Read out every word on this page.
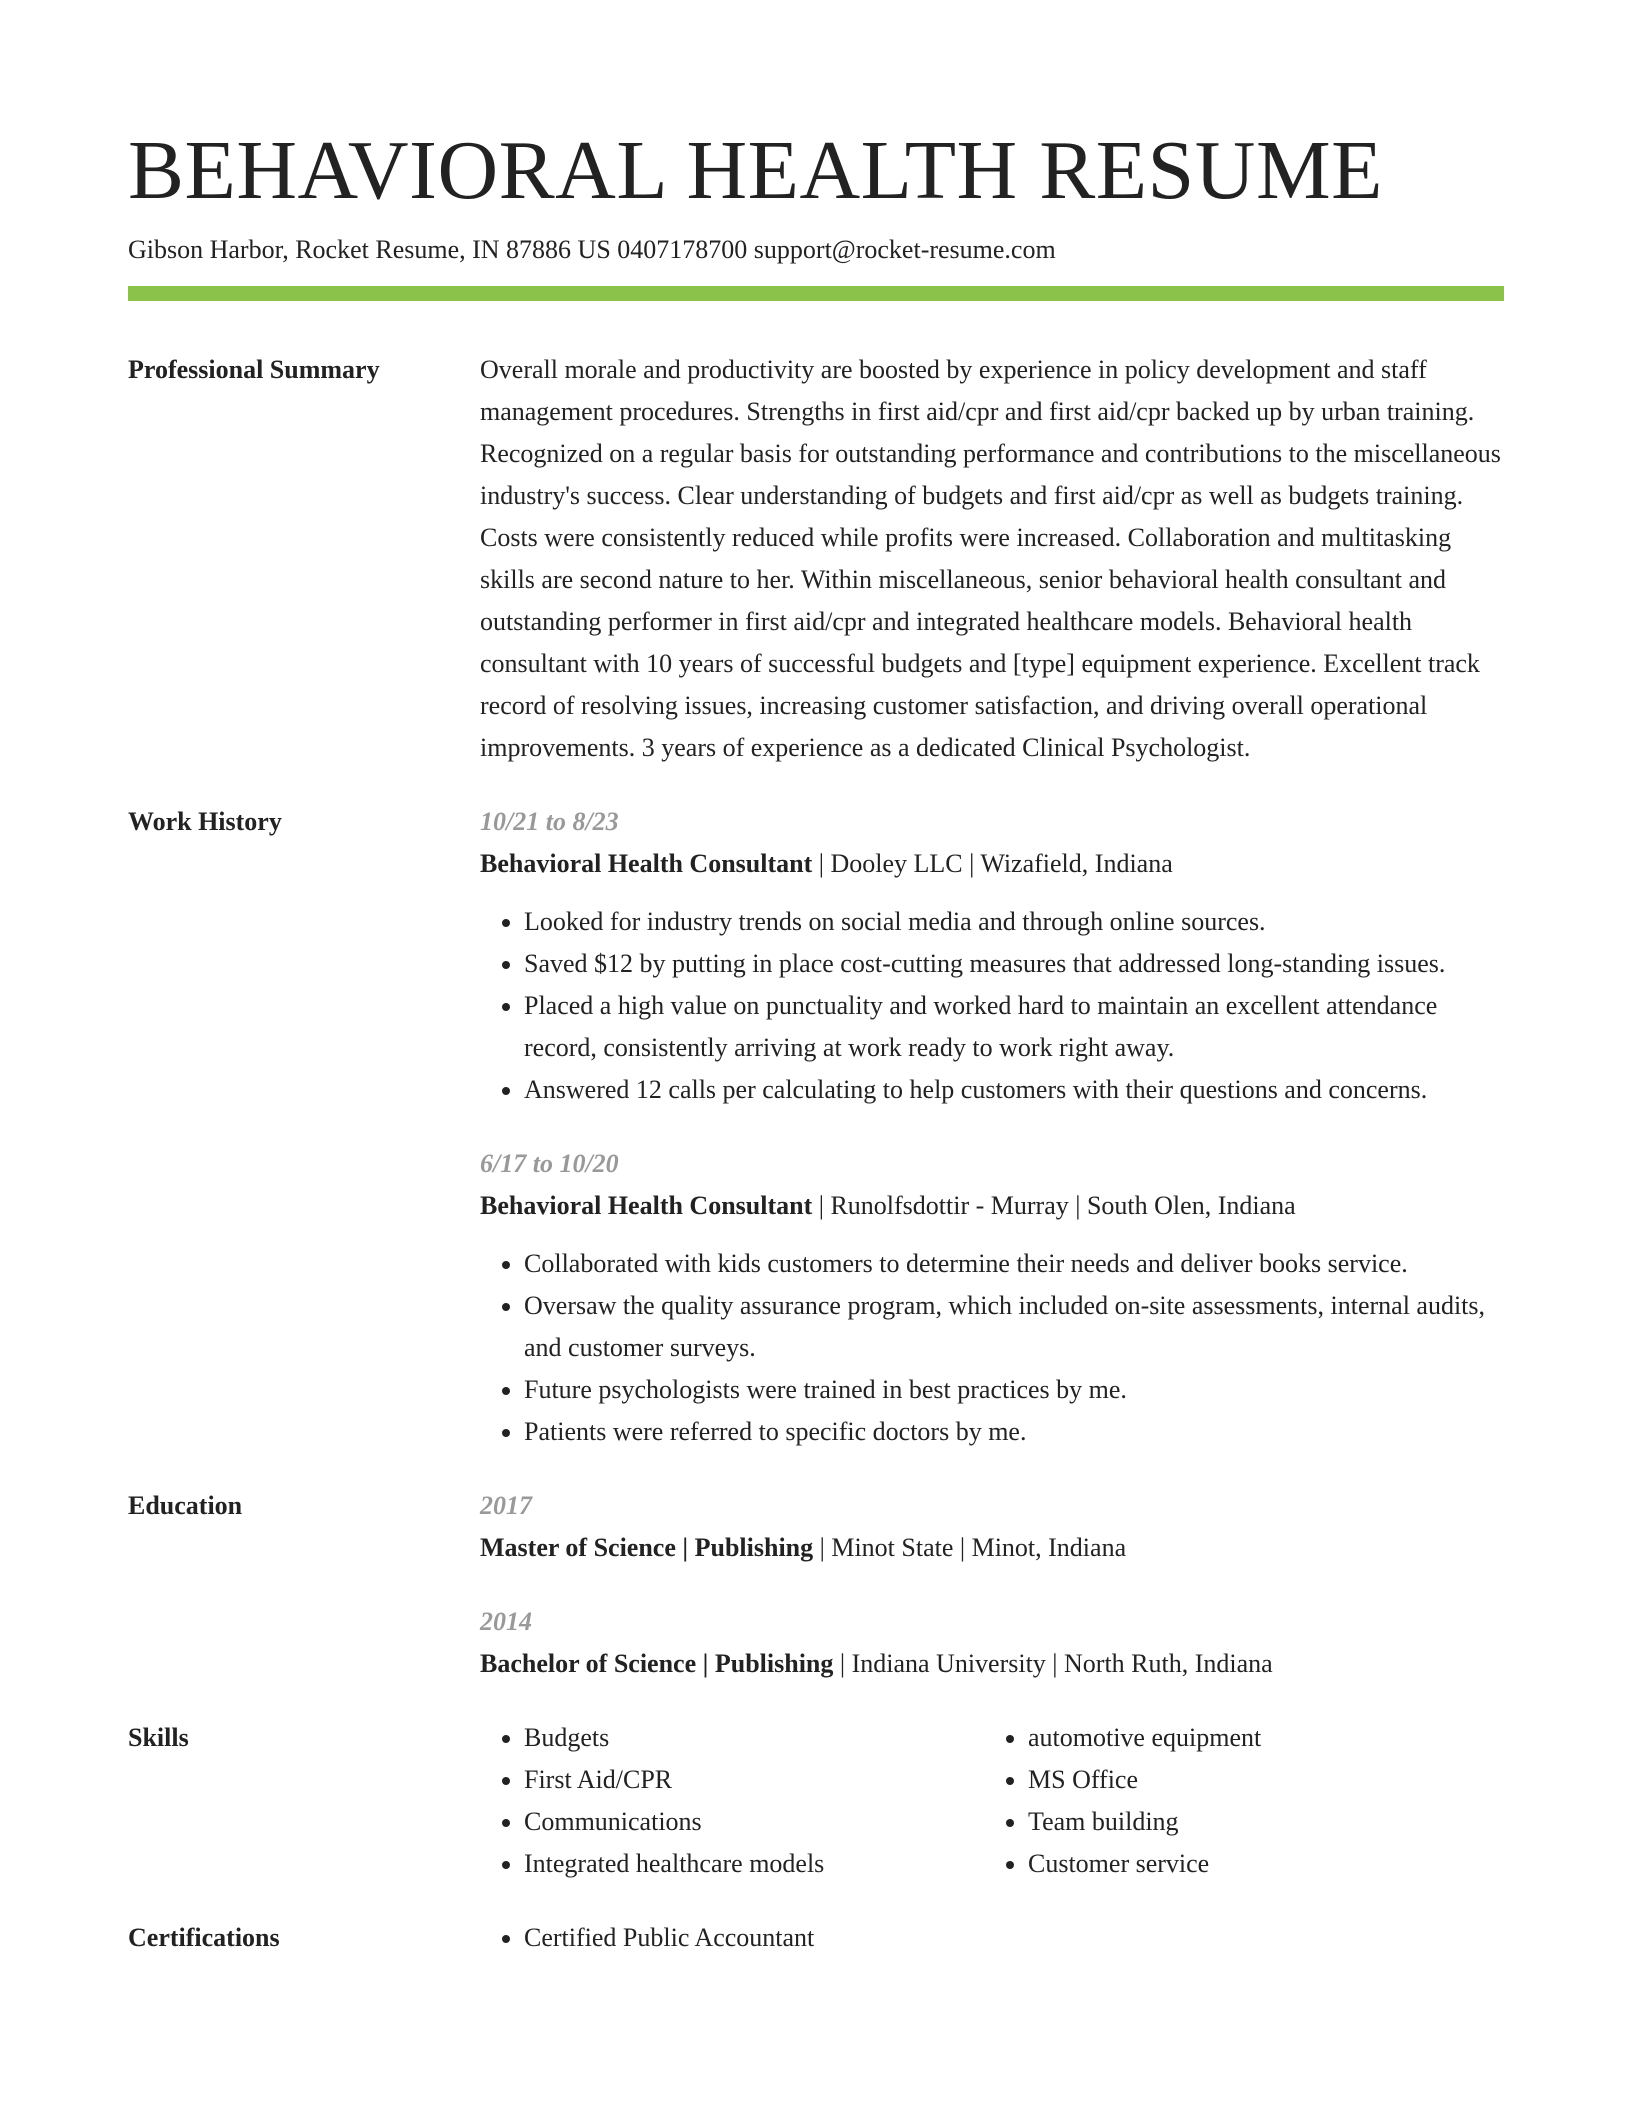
BEHAVIORAL HEALTH RESUME
Gibson Harbor, Rocket Resume, IN 87886 US 0407178700 support@rocket-resume.com
Professional Summary	Overall morale and productivity are boosted by experience in policy development and staff management procedures. Strengths in first aid/cpr and first aid/cpr backed up by urban training. Recognized on a regular basis for outstanding performance and contributions to the miscellaneous industry's success. Clear understanding of budgets and first aid/cpr as well as budgets training. Costs were consistently reduced while profits were increased. Collaboration and multitasking skills are second nature to her. Within miscellaneous, senior behavioral health consultant and outstanding performer in first aid/cpr and integrated healthcare models. Behavioral health consultant with 10 years of successful budgets and [type] equipment experience. Excellent track record of resolving issues, increasing customer satisfaction, and driving overall operational improvements. 3 years of experience as a dedicated Clinical Psychologist.

Work History	10/21 to 8/23
Behavioral Health Consultant | Dooley LLC | Wizafield, Indiana
• Looked for industry trends on social media and through online sources.
• Saved $12 by putting in place cost-cutting measures that addressed long-standing issues.
• Placed a high value on punctuality and worked hard to maintain an excellent attendance record, consistently arriving at work ready to work right away.
• Answered 12 calls per calculating to help customers with their questions and concerns.
6/17 to 10/20
Behavioral Health Consultant | Runolfsdottir - Murray | South Olen, Indiana
• Collaborated with kids customers to determine their needs and deliver books service.
• Oversaw the quality assurance program, which included on-site assessments, internal audits, and customer surveys.
• Future psychologists were trained in best practices by me.
• Patients were referred to specific doctors by me.
Education	2017
Master of Science | Publishing | Minot State | Minot, Indiana
2014
Bachelor of Science | Publishing | Indiana University | North Ruth, Indiana
Skills	• Budgets
• First Aid/CPR
• Communications
• Integrated healthcare models
• automotive equipment
• MS Office
• Team building
• Customer service
Certifications	• Certified Public Accountant
